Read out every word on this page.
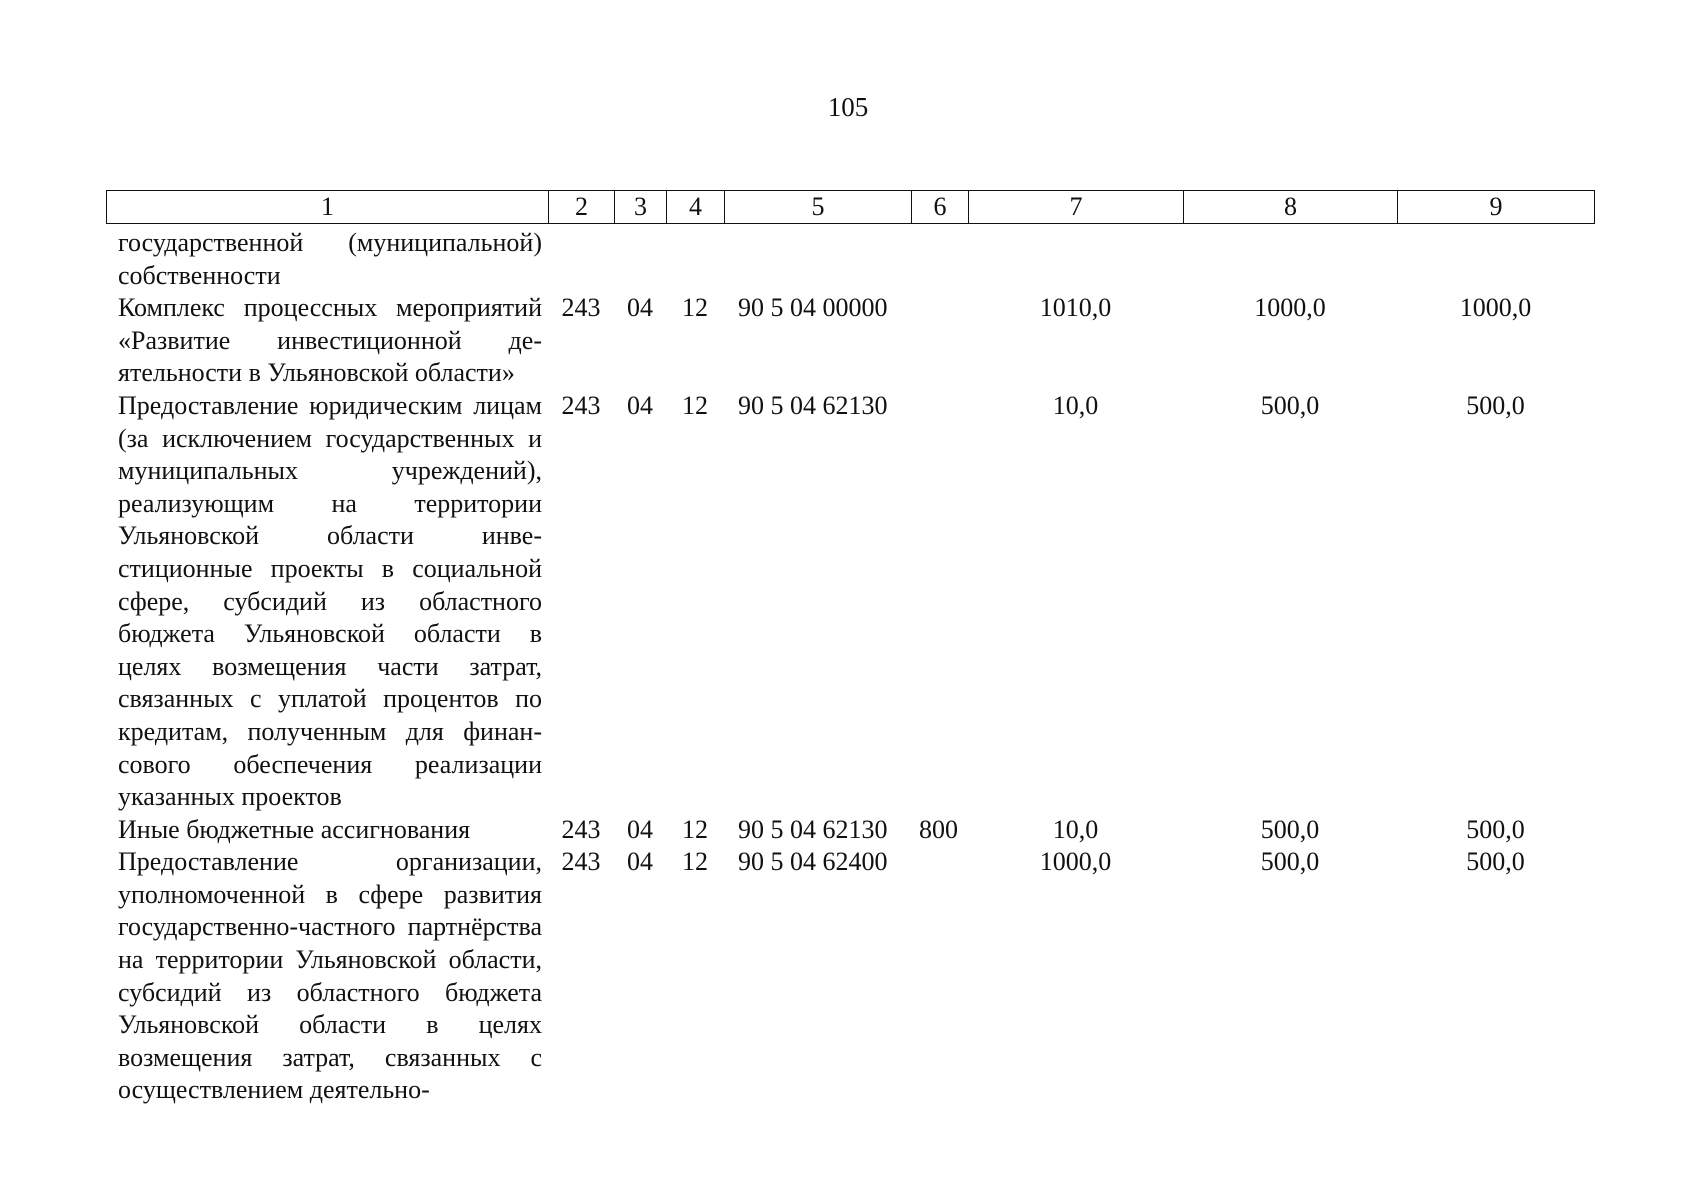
105
1	2	3	4	5	6	7	8	9
государственной (муниципальной) собственности								
Комплекс процессных мероприятий «Развитие инвестиционной деятельности в Ульяновской области»	243	04	12	90 5 04 00000		1010,0	1000,0	1000,0
Предоставление юридическим лицам (за исключением государственных и муниципальных учреждений), реализующим на территории Ульяновской области инвестиционные проекты в социальной сфере, субсидий из областного бюджета Ульяновской области в целях возмещения части затрат, связанных с уплатой процентов по кредитам, полученным для финансового обеспечения реализации указанных проектов	243	04	12	90 5 04 62130		10,0	500,0	500,0
Иные бюджетные ассигнования	243	04	12	90 5 04 62130	800	10,0	500,0	500,0
Предоставление организации, уполномоченной в сфере развития государственно-частного партнёрства на территории Ульяновской области, субсидий из областного бюджета Ульяновской области в целях возмещения затрат, связанных с осуществлением деятельно-	243	04	12	90 5 04 62400		1000,0	500,0	500,0
